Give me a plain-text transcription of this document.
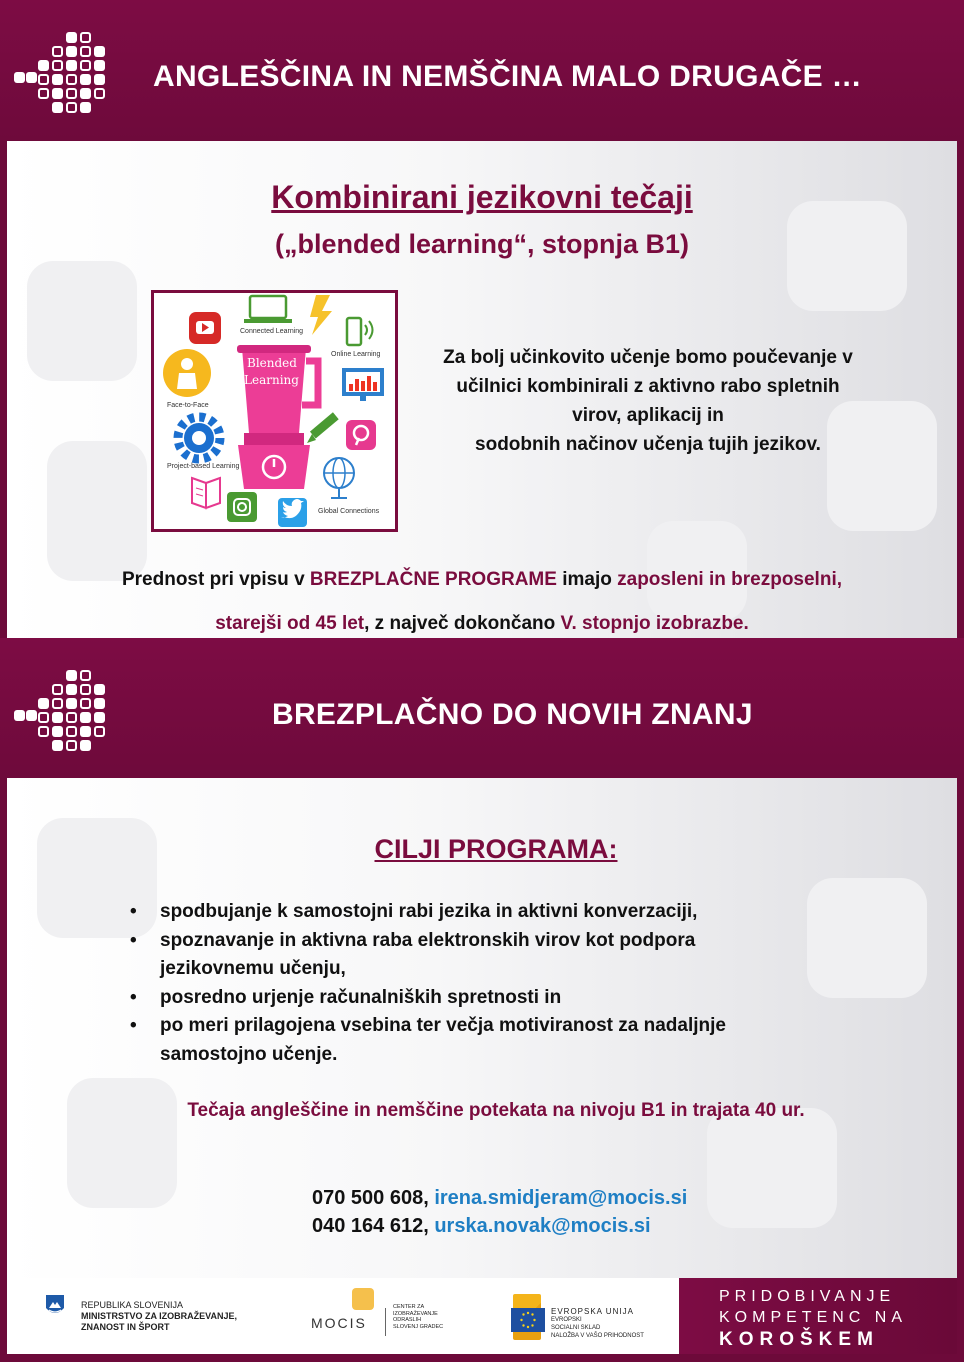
ANGLEŠČINA IN NEMŠČINA MALO DRUGAČE …
Kombinirani jezikovni tečaji
(„blended learning“, stopnja B1)
Blended
Learning
Connected Learning
Online Learning
Face-to-Face
Project-based Learning
Global Connections
Za bolj učinkovito učenje bomo poučevanje v
učilnici kombinirali z aktivno rabo spletnih
virov, aplikacij in
sodobnih načinov učenja tujih jezikov.
Prednost pri vpisu v BREZPLAČNE PROGRAME imajo zaposleni in brezposelni,
starejši od 45 let, z največ dokončano V. stopnjo izobrazbe.
BREZPLAČNO DO NOVIH ZNANJ
CILJI PROGRAMA:
• spodbujanje k samostojni rabi jezika in aktivni konverzaciji,
• spoznavanje in aktivna raba elektronskih virov kot podpora jezikovnemu učenju,
• posredno urjenje računalniških spretnosti in
• po meri prilagojena vsebina ter večja motiviranost za nadaljnje samostojno učenje.
Tečaja angleščine in nemščine potekata na nivoju B1 in trajata 40 ur.
070 500 608, irena.smidjeram@mocis.si
040 164 612, urska.novak@mocis.si
REPUBLIKA SLOVENIJA
MINISTRSTVO ZA IZOBRAŽEVANJE,
ZNANOST IN ŠPORT	MOCIS
CENTER ZA
IZOBRAŽEVANJE
ODRASLIH
SLOVENJ GRADEC
EVROPSKA UNIJA
EVROPSKI
SOCIALNI SKLAD
NALOŽBA V VAŠO PRIHODNOST
PRIDOBIVANJE
KOMPETENC NA
KOROŠKEM
